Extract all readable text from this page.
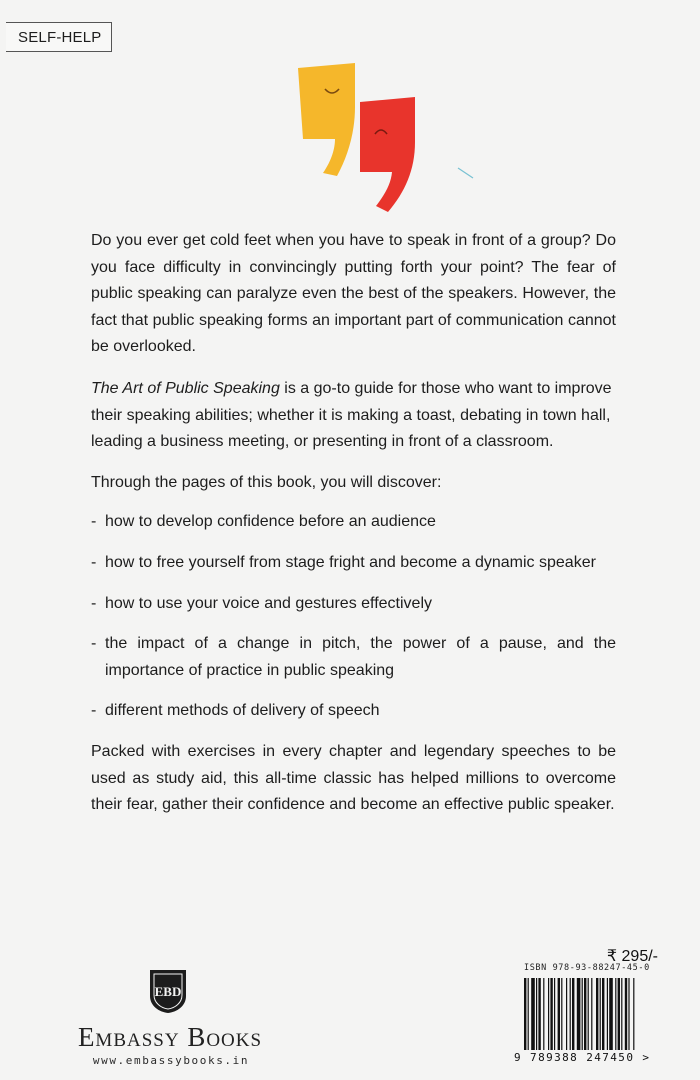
SELF-HELP

Do you ever get cold feet when you have to speak in front of a group? Do you face difficulty in convincingly putting forth your point? The fear of public speaking can paralyze even the best of the speakers. However, the fact that public speaking forms an important part of communication cannot be overlooked.

The Art of Public Speaking is a go-to guide for those who want to improve their speaking abilities; whether it is making a toast, debating in town hall, leading a business meeting, or presenting in front of a classroom.

Through the pages of this book, you will discover:

- how to develop confidence before an audience
- how to free yourself from stage fright and become a dynamic speaker
- how to use your voice and gestures effectively
- the impact of a change in pitch, the power of a pause, and the importance of practice in public speaking
- different methods of delivery of speech

Packed with exercises in every chapter and legendary speeches to be used as study aid, this all-time classic has helped millions to overcome their fear, gather their confidence and become an effective public speaker.

EBD
Embassy Books
www.embassybooks.in
₹ 295/-
ISBN 978-93-88247-45-0
9 789388 247450 >
